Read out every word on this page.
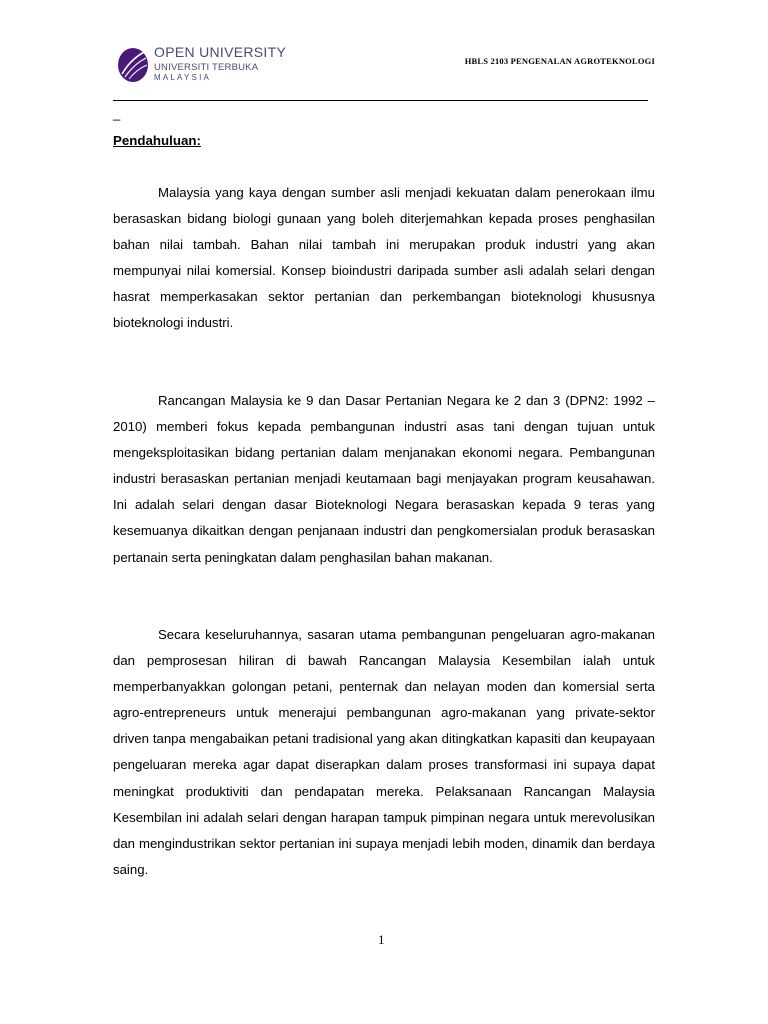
OPEN UNIVERSITY
UNIVERSITI TERBUKA
MALAYSIA
HBLS 2103 PENGENALAN AGROTEKNOLOGI
_
Pendahuluan:

Malaysia yang kaya dengan sumber asli menjadi kekuatan dalam penerokaan ilmu berasaskan bidang biologi gunaan yang boleh diterjemahkan kepada proses penghasilan bahan nilai tambah. Bahan nilai tambah ini merupakan produk industri yang akan mempunyai nilai komersial. Konsep bioindustri daripada sumber asli adalah selari dengan hasrat memperkasakan sektor pertanian dan perkembangan bioteknologi khususnya bioteknologi industri.

Rancangan Malaysia ke 9 dan Dasar Pertanian Negara ke 2 dan 3 (DPN2: 1992 – 2010) memberi fokus kepada pembangunan industri asas tani dengan tujuan untuk mengeksploitasikan bidang pertanian dalam menjanakan ekonomi negara. Pembangunan industri berasaskan pertanian menjadi keutamaan bagi menjayakan program keusahawan. Ini adalah selari dengan dasar Bioteknologi Negara berasaskan kepada 9 teras yang kesemuanya dikaitkan dengan penjanaan industri dan pengkomersialan produk berasaskan pertanain serta peningkatan dalam penghasilan bahan makanan.

Secara keseluruhannya, sasaran utama pembangunan pengeluaran agro-makanan dan pemprosesan hiliran di bawah Rancangan Malaysia Kesembilan ialah untuk memperbanyakkan golongan petani, penternak dan nelayan moden dan komersial serta agro-entrepreneurs untuk menerajui pembangunan agro-makanan yang private-sektor driven tanpa mengabaikan petani tradisional yang akan ditingkatkan kapasiti dan keupayaan pengeluaran mereka agar dapat diserapkan dalam proses transformasi ini supaya dapat meningkat produktiviti dan pendapatan mereka. Pelaksanaan Rancangan Malaysia Kesembilan ini adalah selari dengan harapan tampuk pimpinan negara untuk merevolusikan dan mengindustrikan sektor pertanian ini supaya menjadi lebih moden, dinamik dan berdaya saing.

1
